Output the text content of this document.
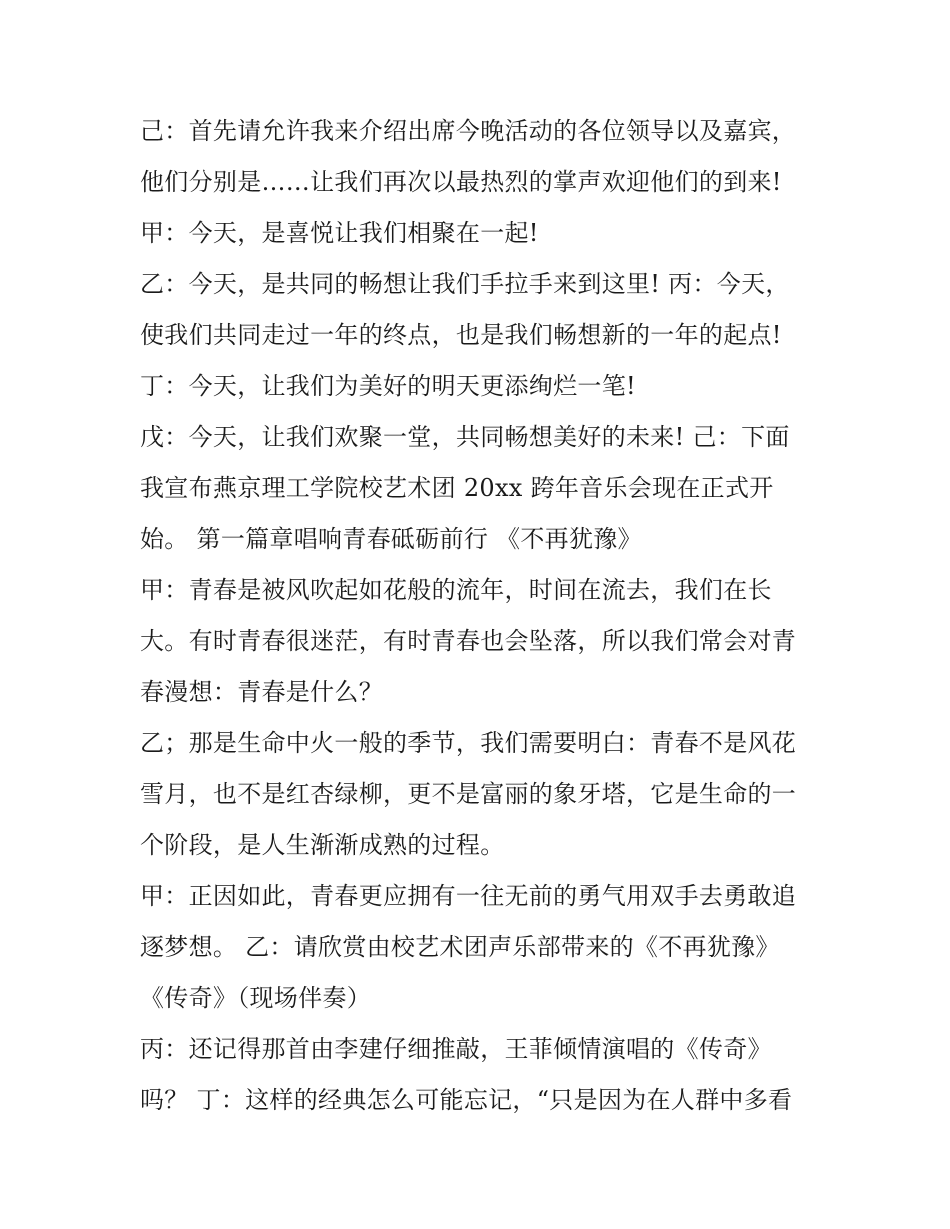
己：首先请允许我来介绍出席今晚活动的各位领导以及嘉宾，
他们分别是……让我们再次以最热烈的掌声欢迎他们的到来!
甲：今天，是喜悦让我们相聚在一起!
乙：今天，是共同的畅想让我们手拉手来到这里! 丙：今天，
使我们共同走过一年的终点，也是我们畅想新的一年的起点!
丁：今天，让我们为美好的明天更添绚烂一笔!
戊：今天，让我们欢聚一堂，共同畅想美好的未来! 己：下面
我宣布燕京理工学院校艺术团 20xx 跨年音乐会现在正式开
始。 第一篇章唱响青春砥砺前行 《不再犹豫》
甲：青春是被风吹起如花般的流年，时间在流去，我们在长
大。有时青春很迷茫，有时青春也会坠落，所以我们常会对青
春漫想：青春是什么？
乙；那是生命中火一般的季节，我们需要明白：青春不是风花
雪月，也不是红杏绿柳，更不是富丽的象牙塔，它是生命的一
个阶段，是人生渐渐成熟的过程。
甲：正因如此，青春更应拥有一往无前的勇气用双手去勇敢追
逐梦想。 乙：请欣赏由校艺术团声乐部带来的《不再犹豫》
《传奇》（现场伴奏）
丙：还记得那首由李建仔细推敲，王菲倾情演唱的《传奇》
吗？ 丁：这样的经典怎么可能忘记，“只是因为在人群中多看
